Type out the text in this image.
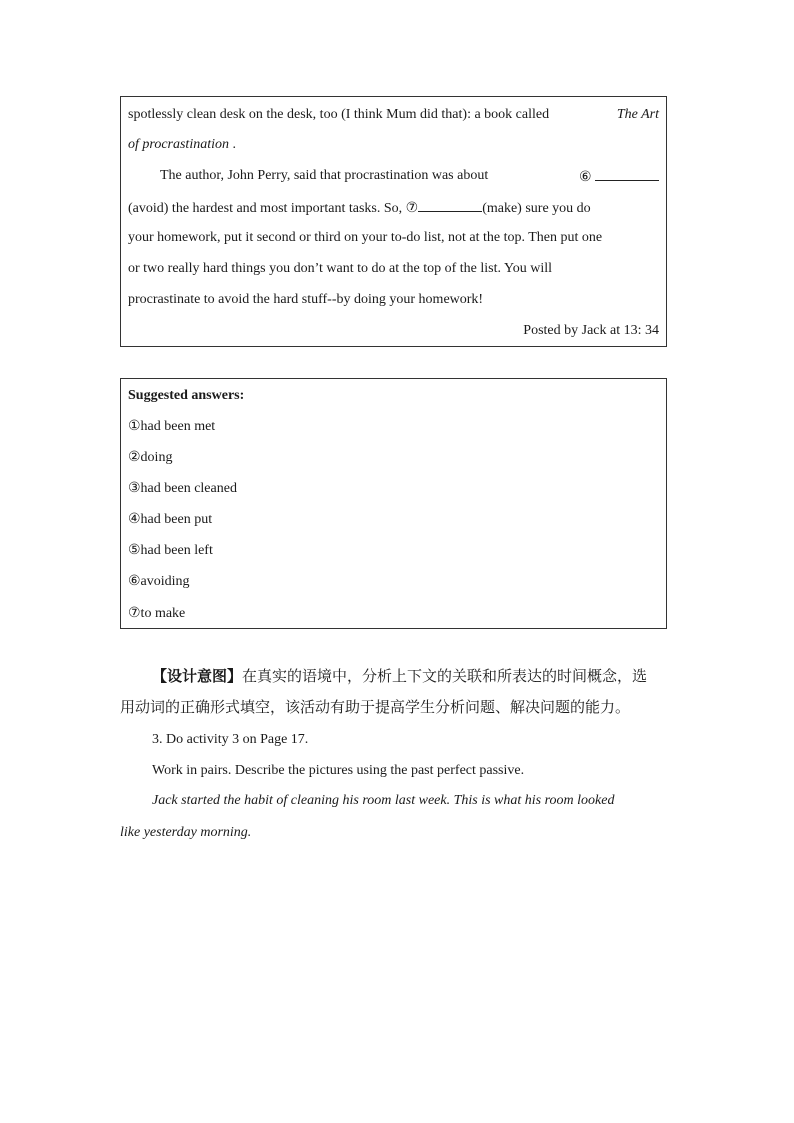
spotlessly clean desk on the desk, too (I think Mum did that): a book called	The Art
of procrastination .
The author, John Perry, said that procrastination was about	⑥
(avoid) the hardest and most important tasks. So, ⑦	(make) sure you do
your homework, put it second or third on your to-do list, not at the top. Then put one
or two really hard things you don’t want to do at the top of the list. You will
procrastinate to avoid the hard stuff--by doing your homework!
Posted by Jack at 13: 34
Suggested answers:
①had been met
②doing
③had been cleaned
④had been put
⑤had been left
⑥avoiding
⑦to make
【设计意图】在真实的语境中，分析上下文的关联和所表达的时间概念，选
用动词的正确形式填空，该活动有助于提高学生分析问题、解决问题的能力。
3. Do activity 3 on Page 17.
Work in pairs. Describe the pictures using the past perfect passive.
Jack started the habit of cleaning his room last week. This is what his room looked
like yesterday morning.
